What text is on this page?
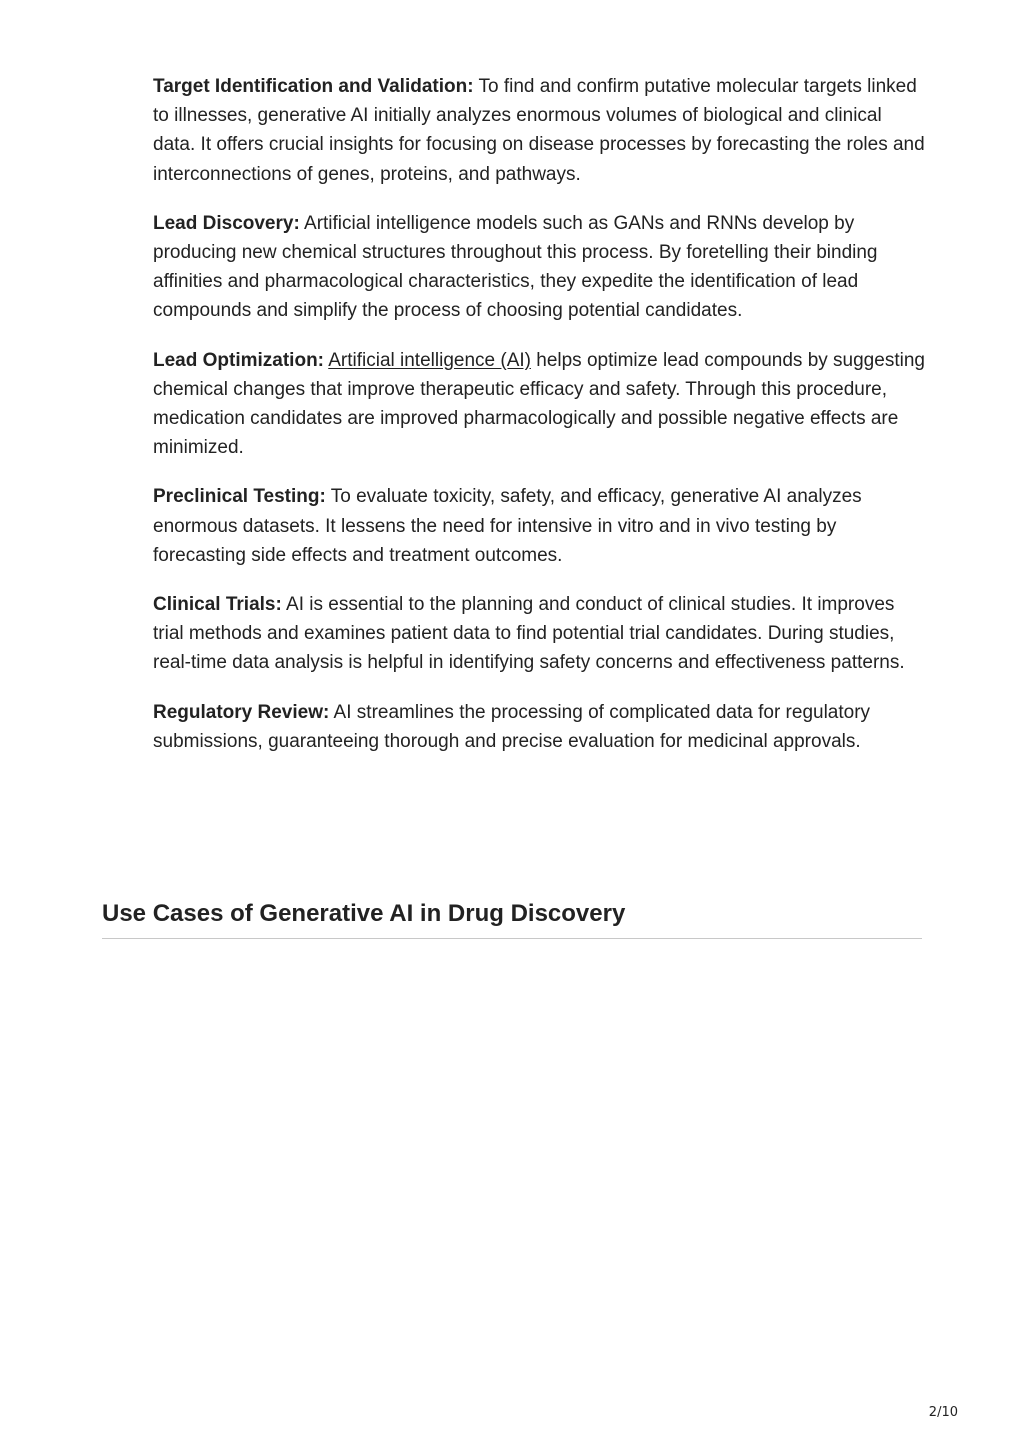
Target Identification and Validation: To find and confirm putative molecular targets linked to illnesses, generative AI initially analyzes enormous volumes of biological and clinical data. It offers crucial insights for focusing on disease processes by forecasting the roles and interconnections of genes, proteins, and pathways.

Lead Discovery: Artificial intelligence models such as GANs and RNNs develop by producing new chemical structures throughout this process. By foretelling their binding affinities and pharmacological characteristics, they expedite the identification of lead compounds and simplify the process of choosing potential candidates.

Lead Optimization: Artificial intelligence (AI) helps optimize lead compounds by suggesting chemical changes that improve therapeutic efficacy and safety. Through this procedure, medication candidates are improved pharmacologically and possible negative effects are minimized.

Preclinical Testing: To evaluate toxicity, safety, and efficacy, generative AI analyzes enormous datasets. It lessens the need for intensive in vitro and in vivo testing by forecasting side effects and treatment outcomes.

Clinical Trials: AI is essential to the planning and conduct of clinical studies. It improves trial methods and examines patient data to find potential trial candidates. During studies, real-time data analysis is helpful in identifying safety concerns and effectiveness patterns.

Regulatory Review: AI streamlines the processing of complicated data for regulatory submissions, guaranteeing thorough and precise evaluation for medicinal approvals.

Use Cases of Generative AI in Drug Discovery
2/10
